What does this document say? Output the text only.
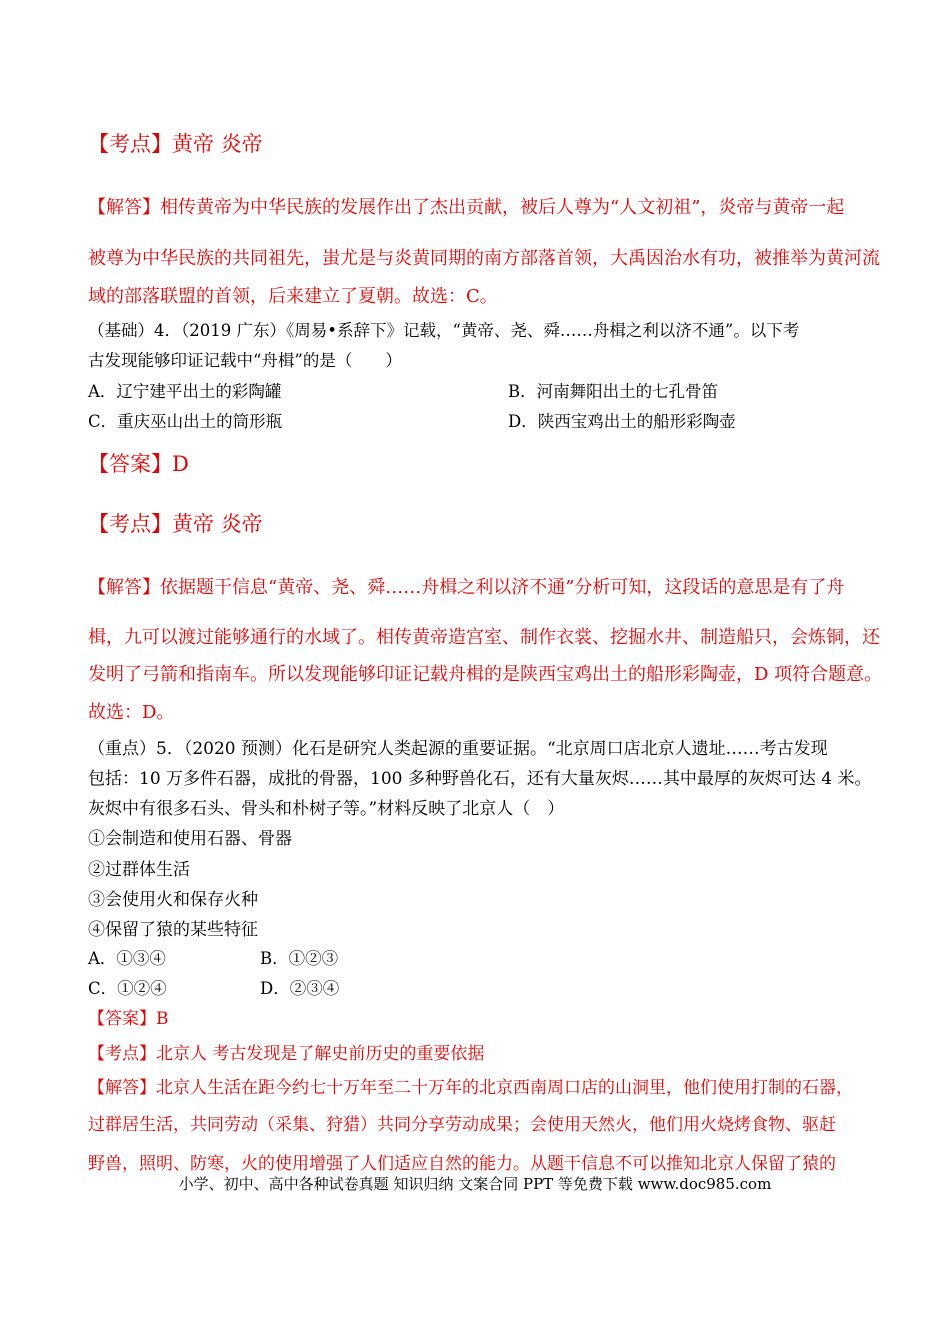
【考点】黄帝 炎帝
【解答】相传黄帝为中华民族的发展作出了杰出贡献，被后人尊为“人文初祖”，炎帝与黄帝一起
被尊为中华民族的共同祖先，蚩尤是与炎黄同期的南方部落首领，大禹因治水有功，被推举为黄河流
域的部落联盟的首领，后来建立了夏朝。故选：C。
（基础）4．（2019 广东）《周易•系辞下》记载，“黄帝、尧、舜……舟楫之利以济不通”。以下考
古发现能够印证记载中“舟楫”的是（　　）
A．辽宁建平出土的彩陶罐	B．河南舞阳出土的七孔骨笛
C．重庆巫山出土的筒形瓶	D．陕西宝鸡出土的船形彩陶壶
【答案】D
【考点】黄帝 炎帝
【解答】依据题干信息“黄帝、尧、舜……舟楫之利以济不通”分析可知，这段话的意思是有了舟
楫，九可以渡过能够通行的水域了。相传黄帝造宫室、制作衣裳、挖掘水井、制造船只，会炼铜，还
发明了弓箭和指南车。所以发现能够印证记载舟楫的是陕西宝鸡出土的船形彩陶壶，D 项符合题意。
故选：D。
（重点）5．（2020 预测）化石是研究人类起源的重要证据。“北京周口店北京人遗址……考古发现
包括：10 万多件石器，成批的骨器，100 多种野兽化石，还有大量灰烬……其中最厚的灰烬可达 4 米。
灰烬中有很多石头、骨头和朴树子等。”材料反映了北京人（　）
①会制造和使用石器、骨器
②过群体生活
③会使用火和保存火种
④保留了猿的某些特征
A．①③④	B．①②③
C．①②④	D．②③④
【答案】B
【考点】北京人 考古发现是了解史前历史的重要依据
【解答】北京人生活在距今约七十万年至二十万年的北京西南周口店的山洞里，他们使用打制的石器，
过群居生活，共同劳动（采集、狩猎）共同分享劳动成果；会使用天然火，他们用火烧烤食物、驱赶
野兽，照明、防寒，火的使用增强了人们适应自然的能力。从题干信息不可以推知北京人保留了猿的
小学、初中、高中各种试卷真题 知识归纳 文案合同 PPT 等免费下载 www.doc985.com
